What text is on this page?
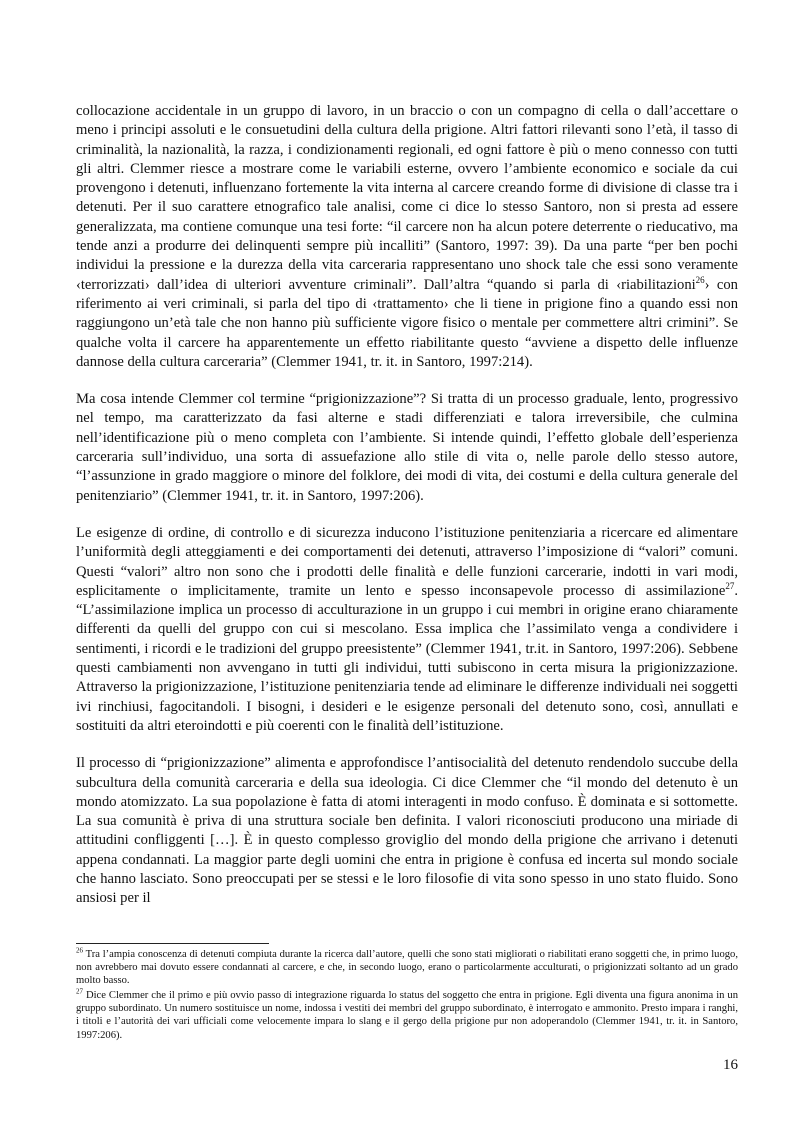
collocazione accidentale in un gruppo di lavoro, in un braccio o con un compagno di cella o dall’accettare o meno i principi assoluti e le consuetudini della cultura della prigione. Altri fattori rilevanti sono l’età, il tasso di criminalità, la nazionalità, la razza, i condizionamenti regionali, ed ogni fattore è più o meno connesso con tutti gli altri. Clemmer riesce a mostrare come le variabili esterne, ovvero l’ambiente economico e sociale da cui provengono i detenuti, influenzano fortemente la vita interna al carcere creando forme di divisione di classe tra i detenuti. Per il suo carattere etnografico tale analisi, come ci dice lo stesso Santoro, non si presta ad essere generalizzata, ma contiene comunque una tesi forte: “il carcere non ha alcun potere deterrente o rieducativo, ma tende anzi a produrre dei delinquenti sempre più incalliti” (Santoro, 1997: 39). Da una parte “per ben pochi individui la pressione e la durezza della vita carceraria rappresentano uno shock tale che essi sono veramente ‹terrorizzati› dall’idea di ulteriori avventure criminali”. Dall’altra “quando si parla di ‹riabilitazioni$^{26}$› con riferimento ai veri criminali, si parla del tipo di ‹trattamento› che li tiene in prigione fino a quando essi non raggiungono un’età tale che non hanno più sufficiente vigore fisico o mentale per commettere altri crimini”. Se qualche volta il carcere ha apparentemente un effetto riabilitante questo “avviene a dispetto delle influenze dannose della cultura carceraria” (Clemmer 1941, tr. it. in Santoro, 1997:214).

Ma cosa intende Clemmer col termine “prigionizzazione”? Si tratta di un processo graduale, lento, progressivo nel tempo, ma caratterizzato da fasi alterne e stadi differenziati e talora irreversibile, che culmina nell’identificazione più o meno completa con l’ambiente. Si intende quindi, l’effetto globale dell’esperienza carceraria sull’individuo, una sorta di assuefazione allo stile di vita o, nelle parole dello stesso autore, “l’assunzione in grado maggiore o minore del folklore, dei modi di vita, dei costumi e della cultura generale del penitenziario” (Clemmer 1941, tr. it. in Santoro, 1997:206).

Le esigenze di ordine, di controllo e di sicurezza inducono l’istituzione penitenziaria a ricercare ed alimentare l’uniformità degli atteggiamenti e dei comportamenti dei detenuti, attraverso l’imposizione di “valori” comuni. Questi “valori” altro non sono che i prodotti delle finalità e delle funzioni carcerarie, indotti in vari modi, esplicitamente o implicitamente, tramite un lento e spesso inconsapevole processo di assimilazione$^{27}$. “L’assimilazione implica un processo di acculturazione in un gruppo i cui membri in origine erano chiaramente differenti da quelli del gruppo con cui si mescolano. Essa implica che l’assimilato venga a condividere i sentimenti, i ricordi e le tradizioni del gruppo preesistente” (Clemmer 1941, tr.it. in Santoro, 1997:206). Sebbene questi cambiamenti non avvengano in tutti gli individui, tutti subiscono in certa misura la prigionizzazione. Attraverso la prigionizzazione, l’istituzione penitenziaria tende ad eliminare le differenze individuali nei soggetti ivi rinchiusi, fagocitandoli. I bisogni, i desideri e le esigenze personali del detenuto sono, così, annullati e sostituiti da altri eteroindotti e più coerenti con le finalità dell’istituzione.

Il processo di “prigionizzazione” alimenta e approfondisce l’antisocialità del detenuto rendendolo succube della subcultura della comunità carceraria e della sua ideologia. Ci dice Clemmer che “il mondo del detenuto è un mondo atomizzato. La sua popolazione è fatta di atomi interagenti in modo confuso. È dominata e si sottomette. La sua comunità è priva di una struttura sociale ben definita. I valori riconosciuti producono una miriade di attitudini confliggenti […]. È in questo complesso groviglio del mondo della prigione che arrivano i detenuti appena condannati. La maggior parte degli uomini che entra in prigione è confusa ed incerta sul mondo sociale che hanno lasciato. Sono preoccupati per se stessi e le loro filosofie di vita sono spesso in uno stato fluido. Sono ansiosi per il

$^{26}$ Tra l’ampia conoscenza di detenuti compiuta durante la ricerca dall’autore, quelli che sono stati migliorati o riabilitati erano soggetti che, in primo luogo, non avrebbero mai dovuto essere condannati al carcere, e che, in secondo luogo, erano o particolarmente acculturati, o prigionizzati soltanto ad un grado molto basso.

$^{27}$ Dice Clemmer che il primo e più ovvio passo di integrazione riguarda lo status del soggetto che entra in prigione. Egli diventa una figura anonima in un gruppo subordinato. Un numero sostituisce un nome, indossa i vestiti dei membri del gruppo subordinato, è interrogato e ammonito. Presto impara i ranghi, i titoli e l’autorità dei vari ufficiali come velocemente impara lo slang e il gergo della prigione pur non adoperandolo (Clemmer 1941, tr. it. in Santoro, 1997:206).

16
